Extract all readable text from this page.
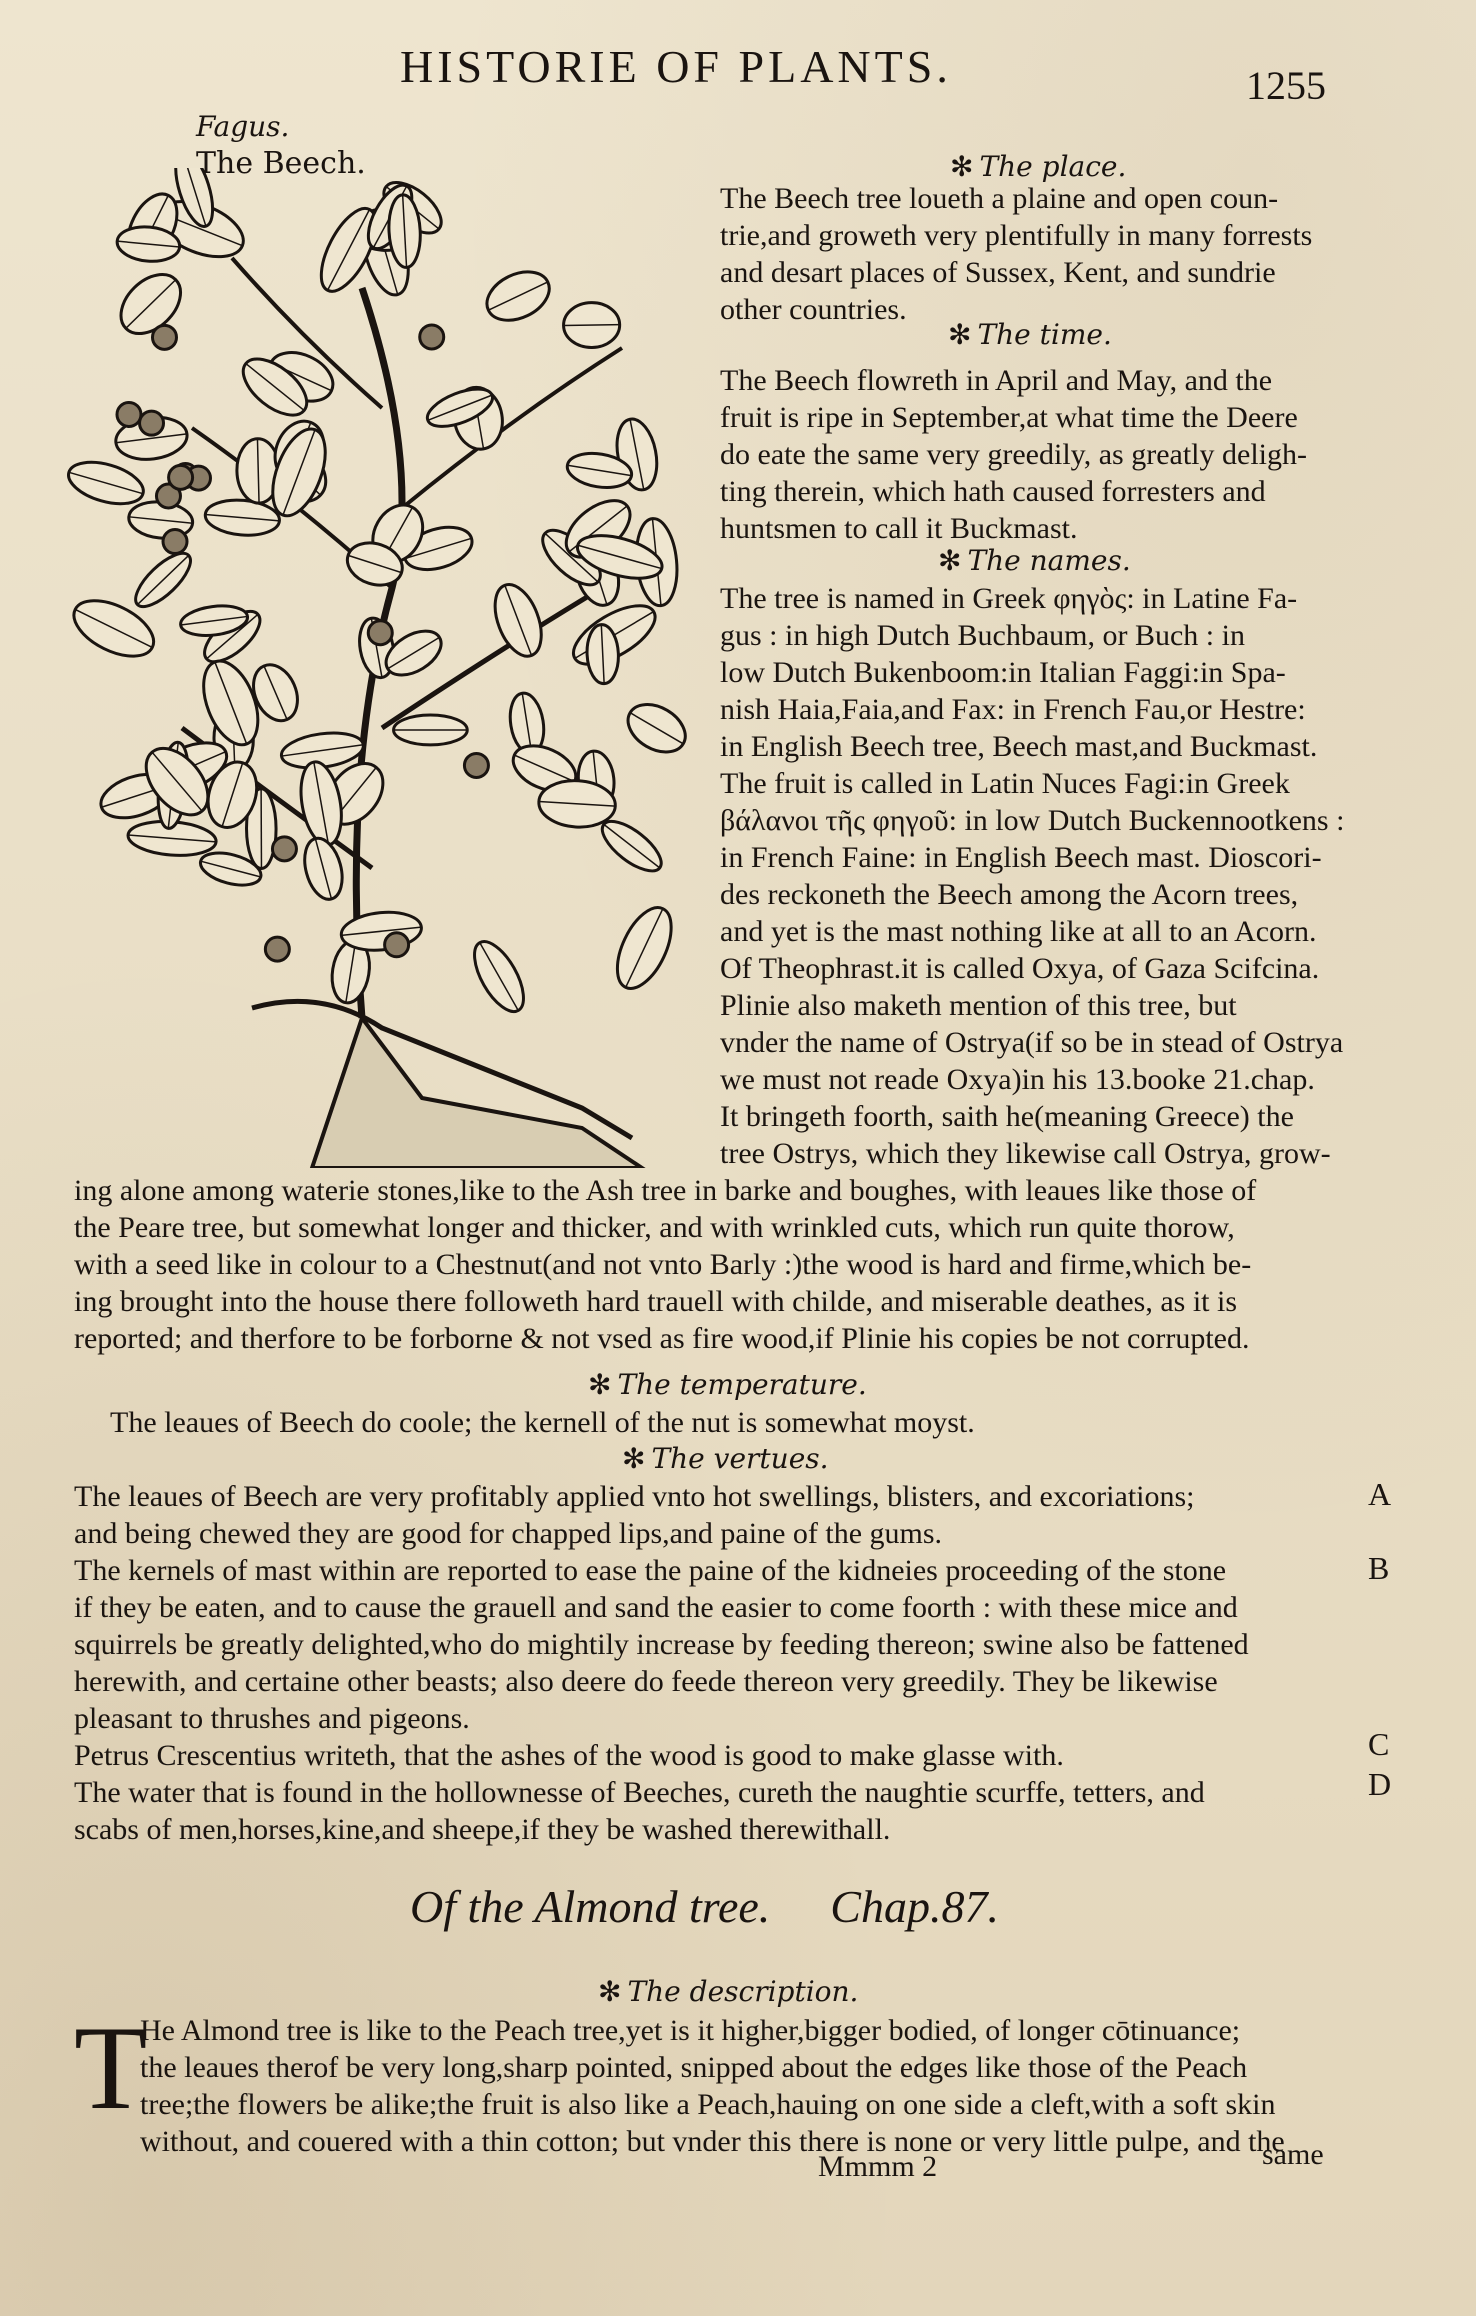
HISTORIE OF PLANTS.	1255
Fagus.
The Beech.	✻ The place.
The Beech tree loueth a plaine and open coun-
trie,and groweth very plentifully in many forrests
and desart places of Sussex, Kent, and sundrie
other countries.
✻ The time.
The Beech flowreth in April and May, and the
fruit is ripe in September,at what time the Deere
do eate the same very greedily, as greatly deligh-
ting therein, which hath caused forresters and
huntsmen to call it Buckmast.
✻ The names.
The tree is named in Greek φηγὸς: in Latine Fa-
gus : in high Dutch Buchbaum, or Buch : in
low Dutch Bukenboom:in Italian Faggi:in Spa-
nish Haia,Faia,and Fax: in French Fau,or Hestre:
in English Beech tree, Beech mast,and Buckmast.
The fruit is called in Latin Nuces Fagi:in Greek
βάλανοι τῆς φηγοῦ: in low Dutch Buckennootkens :
in French Faine: in English Beech mast. Dioscori-
des reckoneth the Beech among the Acorn trees,
and yet is the mast nothing like at all to an Acorn.
Of Theophrast.it is called Oxya, of Gaza Scifcina.
Plinie also maketh mention of this tree, but
vnder the name of Ostrya(if so be in stead of Ostrya
we must not reade Oxya)in his 13.booke 21.chap.
It bringeth foorth, saith he(meaning Greece) the
tree Ostrys, which they likewise call Ostrya, grow-
ing alone among waterie stones,like to the Ash tree in barke and boughes, with leaues like those of
the Peare tree, but somewhat longer and thicker, and with wrinkled cuts, which run quite thorow,
with a seed like in colour to a Chestnut(and not vnto Barly :)the wood is hard and firme,which be-
ing brought into the house there followeth hard trauell with childe, and miserable deathes, as it is
reported; and therfore to be forborne & not vsed as fire wood,if Plinie his copies be not corrupted.
✻ The temperature.
The leaues of Beech do coole; the kernell of the nut is somewhat moyst.
✻ The vertues.
The leaues of Beech are very profitably applied vnto hot swellings, blisters, and excoriations;
and being chewed they are good for chapped lips,and paine of the gums.
The kernels of mast within are reported to ease the paine of the kidneies proceeding of the stone
if they be eaten, and to cause the grauell and sand the easier to come foorth : with these mice and
squirrels be greatly delighted,who do mightily increase by feeding thereon; swine also be fattened
herewith, and certaine other beasts; also deere do feede thereon very greedily. They be likewise
pleasant to thrushes and pigeons.
Petrus Crescentius writeth, that the ashes of the wood is good to make glasse with.
The water that is found in the hollownesse of Beeches, cureth the naughtie scurffe, tetters, and
scabs of men,horses,kine,and sheepe,if they be washed therewithall.
A
B
C
D
Of the Almond tree. Chap.87.
✻ The description.
T
He Almond tree is like to the Peach tree,yet is it higher,bigger bodied, of longer cōtinuance;
the leaues therof be very long,sharp pointed, snipped about the edges like those of the Peach
tree;the flowers be alike;the fruit is also like a Peach,hauing on one side a cleft,with a soft skin
without, and couered with a thin cotton; but vnder this there is none or very little pulpe, and the
Mmmm 2	same
